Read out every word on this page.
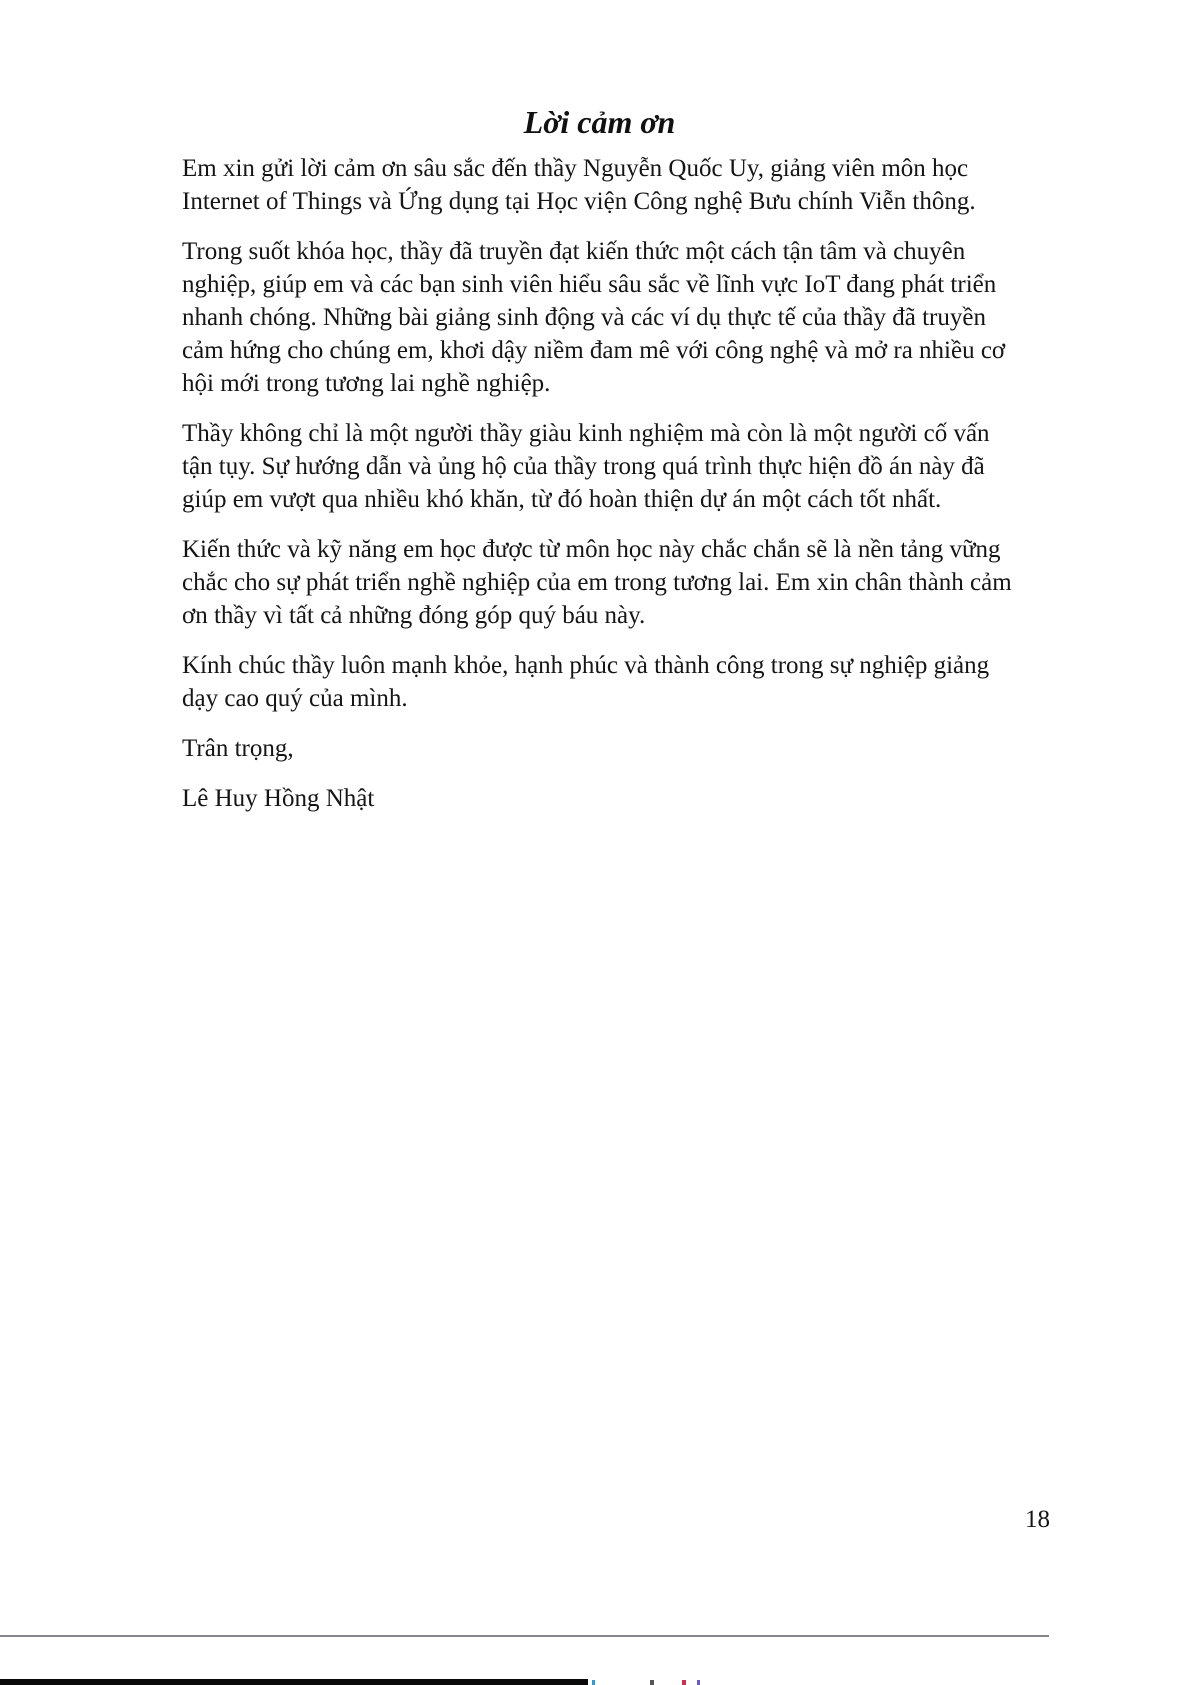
Lời cảm ơn

Em xin gửi lời cảm ơn sâu sắc đến thầy Nguyễn Quốc Uy, giảng viên môn học Internet of Things và Ứng dụng tại Học viện Công nghệ Bưu chính Viễn thông.

Trong suốt khóa học, thầy đã truyền đạt kiến thức một cách tận tâm và chuyên nghiệp, giúp em và các bạn sinh viên hiểu sâu sắc về lĩnh vực IoT đang phát triển nhanh chóng. Những bài giảng sinh động và các ví dụ thực tế của thầy đã truyền cảm hứng cho chúng em, khơi dậy niềm đam mê với công nghệ và mở ra nhiều cơ hội mới trong tương lai nghề nghiệp.

Thầy không chỉ là một người thầy giàu kinh nghiệm mà còn là một người cố vấn tận tụy. Sự hướng dẫn và ủng hộ của thầy trong quá trình thực hiện đồ án này đã giúp em vượt qua nhiều khó khăn, từ đó hoàn thiện dự án một cách tốt nhất.

Kiến thức và kỹ năng em học được từ môn học này chắc chắn sẽ là nền tảng vững chắc cho sự phát triển nghề nghiệp của em trong tương lai. Em xin chân thành cảm ơn thầy vì tất cả những đóng góp quý báu này.

Kính chúc thầy luôn mạnh khỏe, hạnh phúc và thành công trong sự nghiệp giảng dạy cao quý của mình.

Trân trọng,

Lê Huy Hồng Nhật

18
